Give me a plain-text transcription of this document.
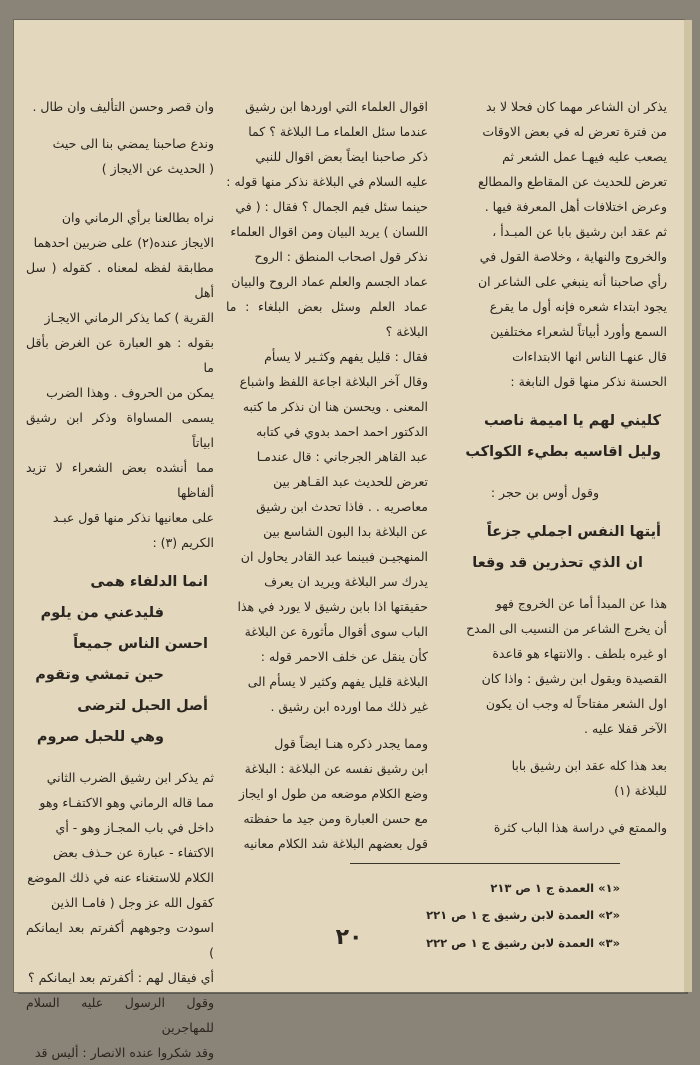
يذكر ان الشاعر مهما كان فحلا لا بد

من فترة تعرض له في بعض الاوقات

يصعب عليه فيهـا عمل الشعر ثم

تعرض للحديث عن المقاطع والمطالع

وعرض اختلافات أهل المعرفة فيها .

ثم عقد ابن رشيق بابا عن المبـدأ ،

والخروج والنهاية ، وخلاصة القول في

رأي صاحبنا أنه ينبغي على الشاعر ان

يجود ابتداء شعره فإنه أول ما يقرع

السمع وأورد أبياتاً لشعراء مختلفين

قال عنهـا الناس انها الابتداءات

الحسنة نذكر منها قول النابغة :

كليني لهم يا اميمة ناصب

وليل اقاسيه بطيء الكواكب

وقول أوس بن حجر :

أيتها النفس اجملي جزعاً

ان الذي تحذرين قد وقعا

هذا عن المبدأ أما عن الخروج فهو

أن يخرج الشاعر من النسيب الى المدح

او غيره بلطف . والانتهاء هو قاعدة

القصيدة ويقول ابن رشيق : واذا كان

اول الشعر مفتاحاً له وجب ان يكون

الآخر قفلا عليه .

بعد هذا كله عقد ابن رشيق بابا

للبلاغة (١)

والممتع في دراسة هذا الباب كثرة

اقوال العلماء التي اوردها ابن رشيق

عندما سئل العلماء مـا البلاغة ؟ كما

ذكر صاحبنا ايضاً بعض اقوال للنبي

عليه السلام في البلاغة نذكر منها قوله :

حينما سئل فيم الجمال ؟ فقال : ( في

اللسان ) يريد البيان ومن اقوال العلماء

نذكر قول اصحاب المنطق : الروح

عماد الجسم والعلم عماد الروح والبيان

عماد العلم وسئل بعض البلغاء : ما البلاغة ؟

فقال : قليل يفهم وكثـير لا يسأم

وقال آخر البلاغة اجاعة اللفظ واشباع

المعنى . ويحسن هنا ان نذكر ما كتبه

الدكتور احمد احمد بدوي في كتابه

عبد القاهر الجرجاني : قال عندمـا

تعرض للحديث عبد القـاهر بين

معاصريه . . فاذا تحدث ابن رشيق

عن البلاغة بدا البون الشاسع بين

المنهجيـن فبينما عبد القادر يحاول ان

يدرك سر البلاغة ويريد ان يعرف

حقيقتها اذا بابن رشيق لا يورد في هذا

الباب سوى أقوال مأثورة عن البلاغة

كأن ينقل عن خلف الاحمر قوله :

البلاغة قليل يفهم وكثير لا يسأم الى

غير ذلك مما اورده ابن رشيق .

ومما يجدر ذكره هنـا ايضاً قول

ابن رشيق نفسه عن البلاغة : البلاغة

وضع الكلام موضعه من طول او ايجاز

مع حسن العبارة ومن جيد ما حفظته

قول بعضهم البلاغة شد الكلام معانيه

وان قصر وحسن التأليف وان طال .

وندع صاحبنا يمضي بنا الى حيث

( الحديث عن الايجاز )

نراه بطالعنا برأي الرماني وان

الايجاز عنده(٢) على ضربين احدهما

مطابقة لفظه لمعناه . كقوله ( سل أهل

القرية ) كما يذكر الرماني الايجـاز

بقوله : هو العبارة عن الغرض بأقل ما

يمكن من الحروف . وهذا الضرب

يسمى المساواة وذكر ابن رشيق ابياتاً

مما أنشده بعض الشعراء لا تزيد ألفاظها

على معانيها نذكر منها قول عبـد

الكريم (٣) :

انما الدلفاء همى

فليدعني من يلوم

احسن الناس جميعاً

حين تمشي وتقوم

أصل الحبل لترضى

وهي للحبل صروم

ثم يذكر ابن رشيق الضرب الثاني

مما قاله الرماني وهو الاكتفـاء وهو

داخل في باب المجـاز وهو - أي

الاكتفاء - عبارة عن حـذف بعض

الكلام للاستغناء عنه في ذلك الموضع

كقول الله عز وجل ( فامـا الذين

اسودت وجوههم أكفرتم بعد ايمانكم )

أي فيقال لهم : أكفرتم بعد ايمانكم ؟

وقول الرسول عليه السلام للمهاجرين

وقد شكروا عنده الانصار : أليس قد

«١» العمدة ج ١ ص ٢١٣

«٢» العمدة لابن رشيق ج ١ ص ٢٢١

«٣» العمدة لابن رشيق ج ١ ص ٢٢٢

٢٠
